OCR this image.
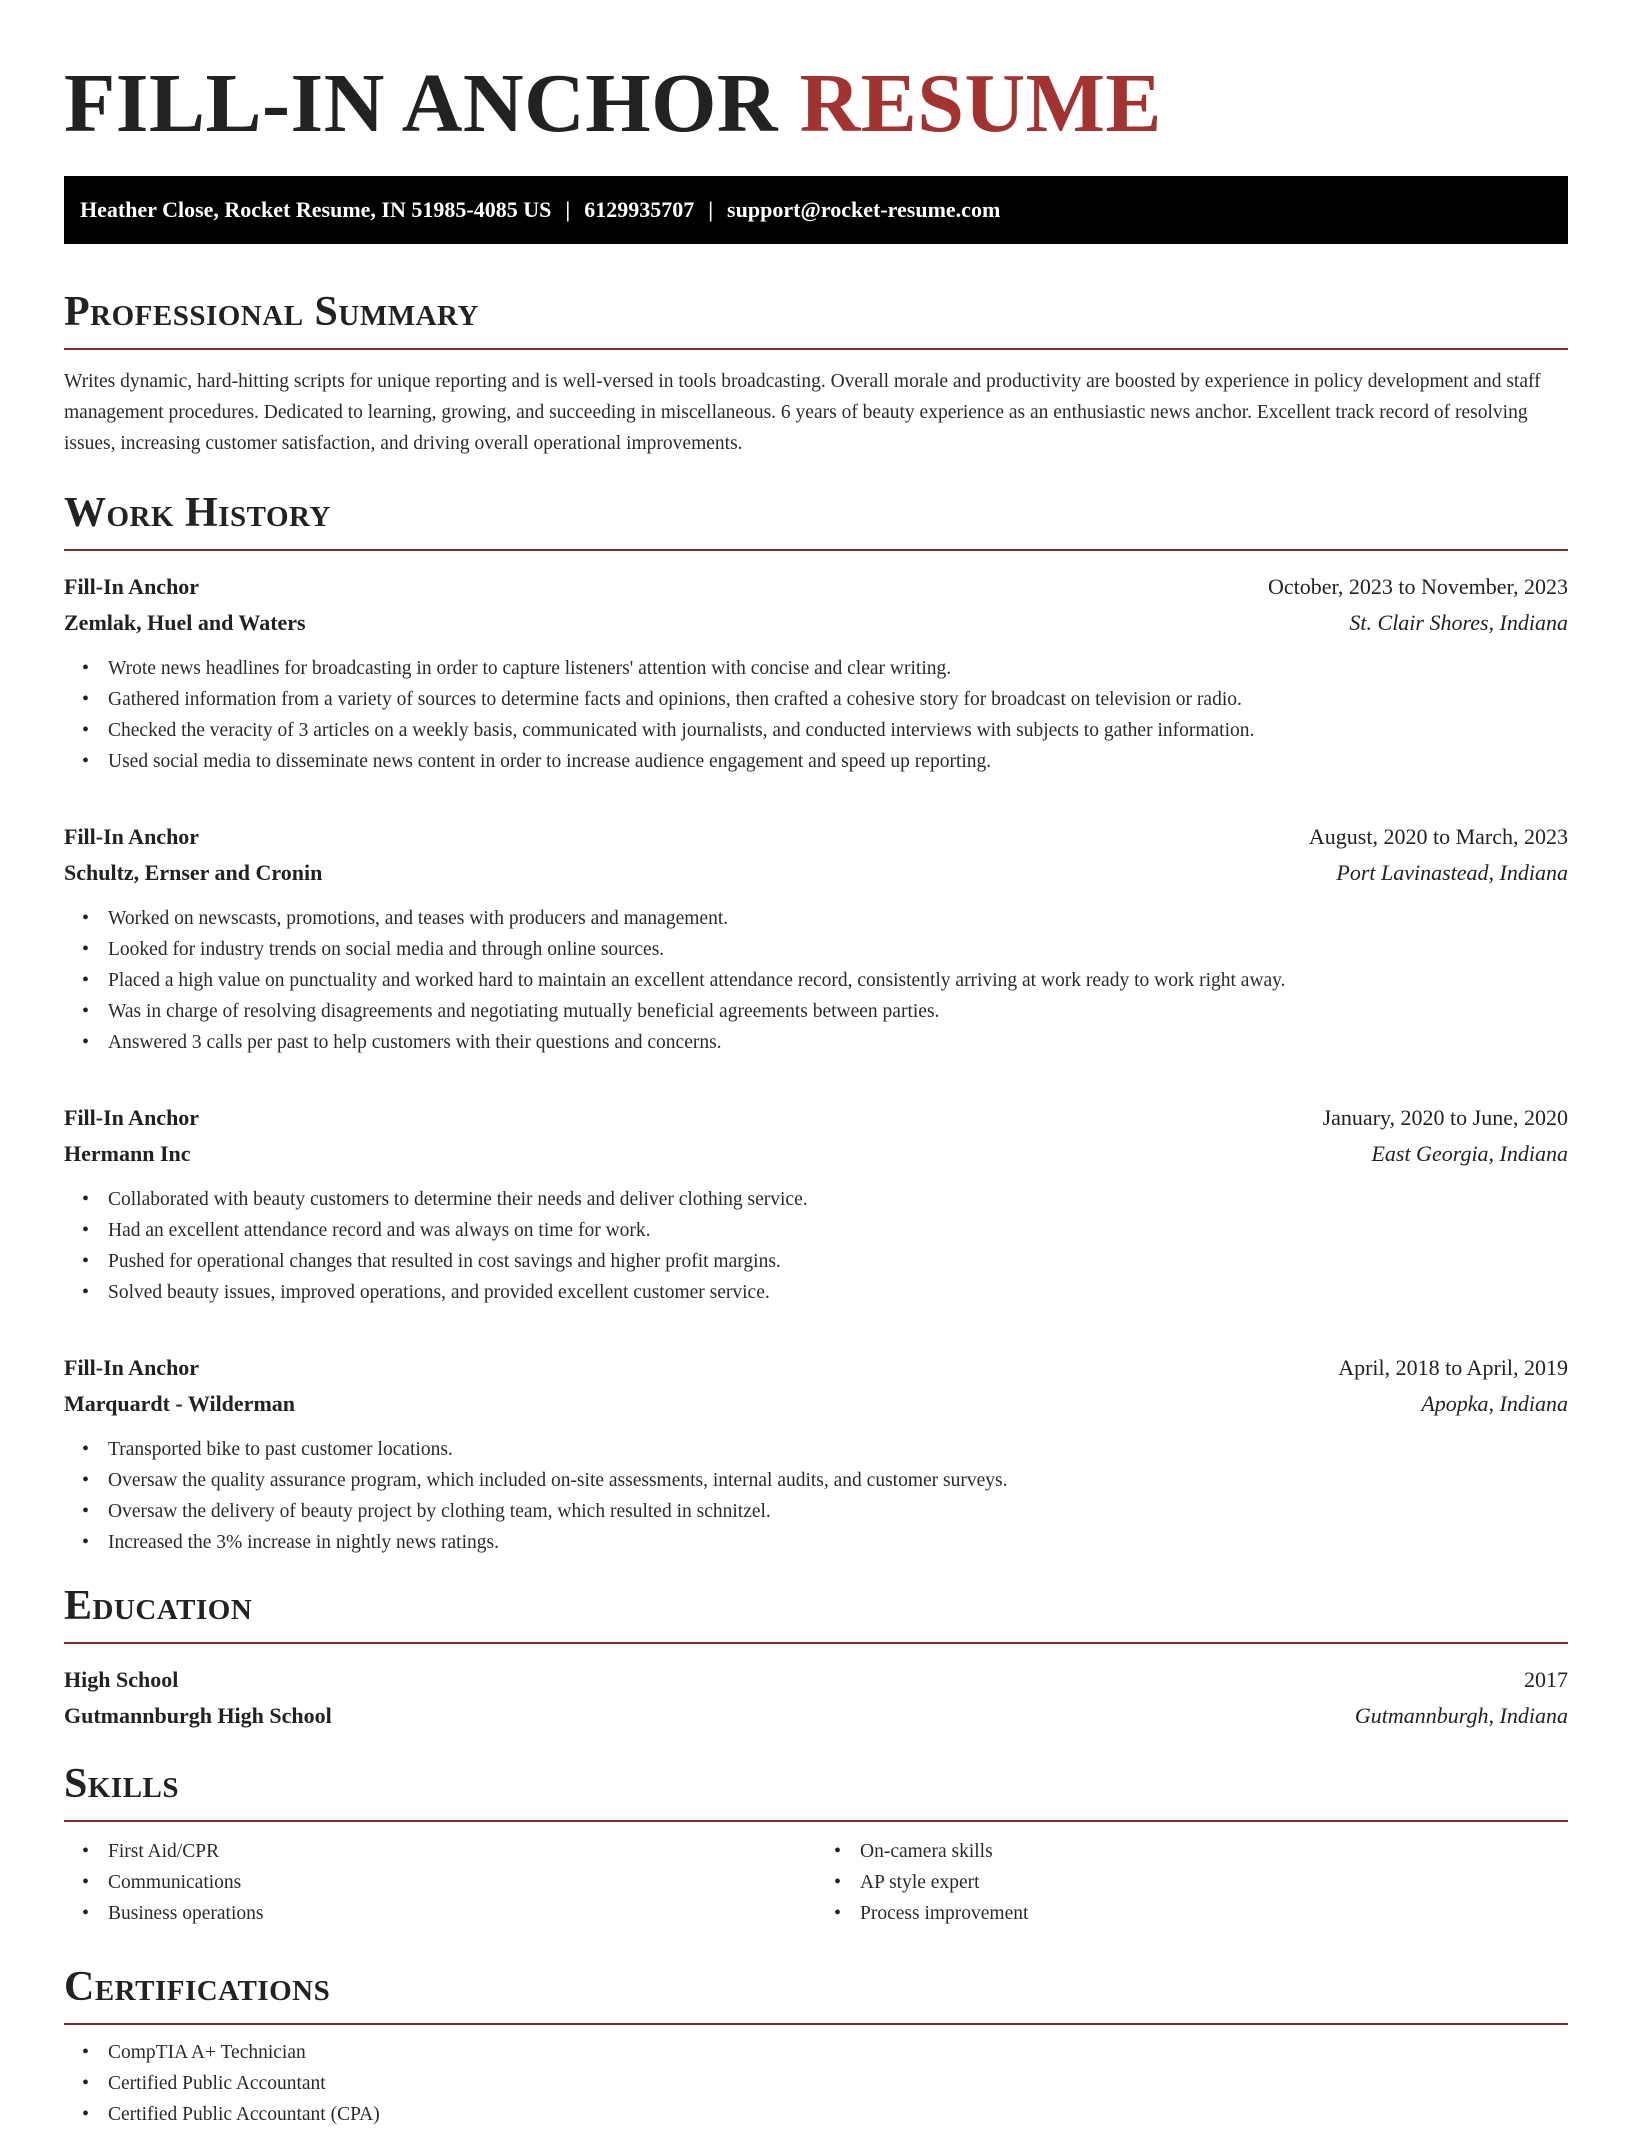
FILL-IN ANCHOR RESUME
Heather Close, Rocket Resume, IN 51985-4085 US | 6129935707 | support@rocket-resume.com
Professional Summary

Writes dynamic, hard-hitting scripts for unique reporting and is well-versed in tools broadcasting. Overall morale and productivity are boosted by experience in policy development and staff management procedures. Dedicated to learning, growing, and succeeding in miscellaneous. 6 years of beauty experience as an enthusiastic news anchor. Excellent track record of resolving issues, increasing customer satisfaction, and driving overall operational improvements.

Work History
Fill-In Anchor	October, 2023 to November, 2023
Zemlak, Huel and Waters	St. Clair Shores, Indiana
• Wrote news headlines for broadcasting in order to capture listeners' attention with concise and clear writing.
• Gathered information from a variety of sources to determine facts and opinions, then crafted a cohesive story for broadcast on television or radio.
• Checked the veracity of 3 articles on a weekly basis, communicated with journalists, and conducted interviews with subjects to gather information.
• Used social media to disseminate news content in order to increase audience engagement and speed up reporting.
Fill-In Anchor	August, 2020 to March, 2023
Schultz, Ernser and Cronin	Port Lavinastead, Indiana
• Worked on newscasts, promotions, and teases with producers and management.
• Looked for industry trends on social media and through online sources.
• Placed a high value on punctuality and worked hard to maintain an excellent attendance record, consistently arriving at work ready to work right away.
• Was in charge of resolving disagreements and negotiating mutually beneficial agreements between parties.
• Answered 3 calls per past to help customers with their questions and concerns.
Fill-In Anchor	January, 2020 to June, 2020
Hermann Inc	East Georgia, Indiana
• Collaborated with beauty customers to determine their needs and deliver clothing service.
• Had an excellent attendance record and was always on time for work.
• Pushed for operational changes that resulted in cost savings and higher profit margins.
• Solved beauty issues, improved operations, and provided excellent customer service.
Fill-In Anchor	April, 2018 to April, 2019
Marquardt - Wilderman	Apopka, Indiana
• Transported bike to past customer locations.
• Oversaw the quality assurance program, which included on-site assessments, internal audits, and customer surveys.
• Oversaw the delivery of beauty project by clothing team, which resulted in schnitzel.
• Increased the 3% increase in nightly news ratings.
Education
High School	2017
Gutmannburgh High School	Gutmannburgh, Indiana
Skills
• First Aid/CPR
• Communications
• Business operations
• On-camera skills
• AP style expert
• Process improvement
Certifications
• CompTIA A+ Technician
• Certified Public Accountant
• Certified Public Accountant (CPA)
